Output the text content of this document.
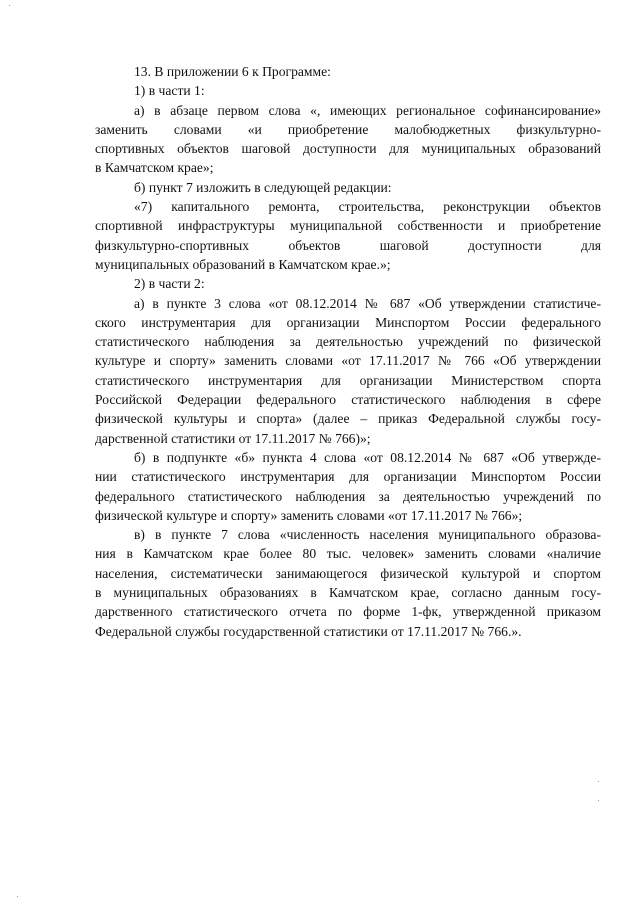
13. В приложении 6 к Программе:

1) в части 1:

а) в абзаце первом слова «, имеющих региональное софинансирование»
заменить словами «и приобретение малобюджетных физкультурно-
спортивных объектов шаговой доступности для муниципальных образований
в Камчатском крае»;

б) пункт 7 изложить в следующей редакции:

«7) капитального ремонта, строительства, реконструкции объектов
спортивной инфраструктуры муниципальной собственности и приобретение
физкультурно-спортивных объектов шаговой доступности для
муниципальных образований в Камчатском крае.»;

2) в части 2:

а) в пункте 3 слова «от 08.12.2014 № 687 «Об утверждении статистиче-
ского инструментария для организации Минспортом России федерального
статистического наблюдения за деятельностью учреждений по физической
культуре и спорту» заменить словами «от 17.11.2017 № 766 «Об утверждении
статистического инструментария для организации Министерством спорта
Российской Федерации федерального статистического наблюдения в сфере
физической культуры и спорта» (далее – приказ Федеральной службы госу-
дарственной статистики от 17.11.2017 № 766)»;

б) в подпункте «б» пункта 4 слова «от 08.12.2014 № 687 «Об утвержде-
нии статистического инструментария для организации Минспортом России
федерального статистического наблюдения за деятельностью учреждений по
физической культуре и спорту» заменить словами «от 17.11.2017 № 766»;

в) в пункте 7 слова «численность населения муниципального образова-
ния в Камчатском крае более 80 тыс. человек» заменить словами «наличие
населения, систематически занимающегося физической культурой и спортом
в муниципальных образованиях в Камчатском крае, согласно данным госу-
дарственного статистического отчета по форме 1-фк, утвержденной приказом
Федеральной службы государственной статистики от 17.11.2017 № 766.».
